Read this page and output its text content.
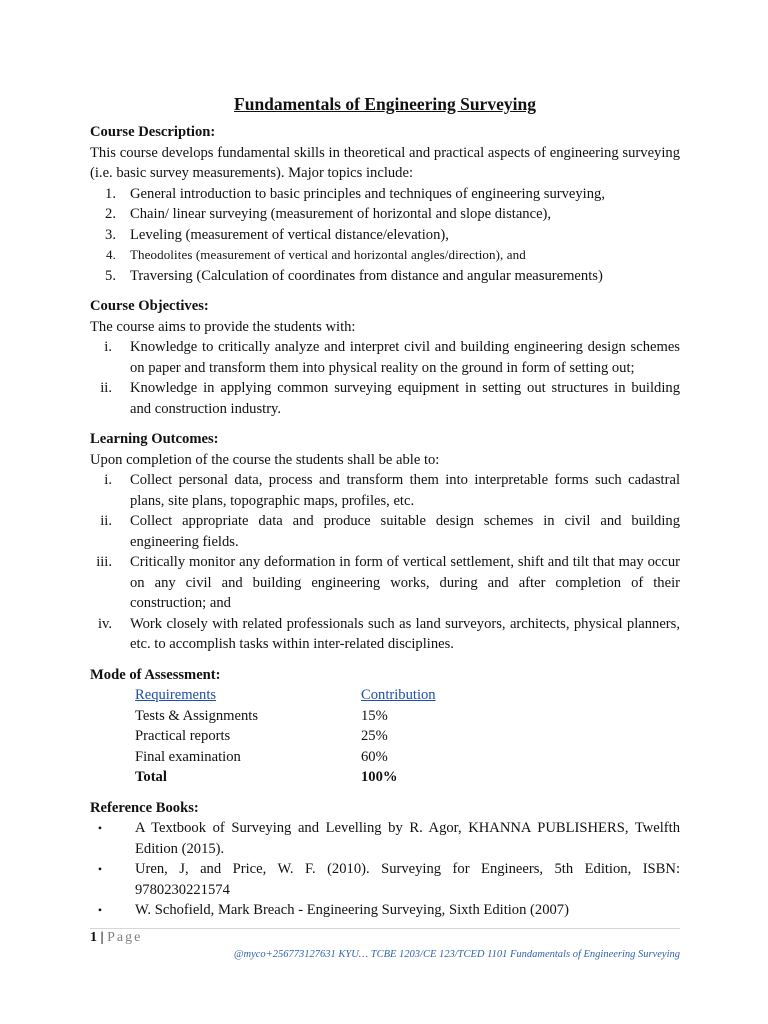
Fundamentals of Engineering Surveying
Course Description:

This course develops fundamental skills in theoretical and practical aspects of engineering surveying (i.e. basic survey measurements). Major topics include:

1. General introduction to basic principles and techniques of engineering surveying,
2. Chain/ linear surveying (measurement of horizontal and slope distance),
3. Leveling (measurement of vertical distance/elevation),
4. Theodolites (measurement of vertical and horizontal angles/direction), and
5. Traversing (Calculation of coordinates from distance and angular measurements)
Course Objectives:

The course aims to provide the students with:

i. Knowledge to critically analyze and interpret civil and building engineering design schemes on paper and transform them into physical reality on the ground in form of setting out;
ii. Knowledge in applying common surveying equipment in setting out structures in building and construction industry.
Learning Outcomes:

Upon completion of the course the students shall be able to:

i. Collect personal data, process and transform them into interpretable forms such cadastral plans, site plans, topographic maps, profiles, etc.
ii. Collect appropriate data and produce suitable design schemes in civil and building engineering fields.
iii. Critically monitor any deformation in form of vertical settlement, shift and tilt that may occur on any civil and building engineering works, during and after completion of their construction; and
iv. Work closely with related professionals such as land surveyors, architects, physical planners, etc. to accomplish tasks within inter-related disciplines.
Mode of Assessment:
Requirements	Contribution
Tests & Assignments	15%
Practical reports	25%
Final examination	60%
Total	100%
Reference Books:
•	A Textbook of Surveying and Levelling by R. Agor, KHANNA PUBLISHERS, Twelfth Edition (2015).
•	Uren, J, and Price, W. F. (2010). Surveying for Engineers, 5th Edition, ISBN: 9780230221574
•	W. Schofield, Mark Breach - Engineering Surveying, Sixth Edition (2007)
1 | Page
@myco+256773127631 KYU… TCBE 1203/CE 123/TCED 1101 Fundamentals of Engineering Surveying
